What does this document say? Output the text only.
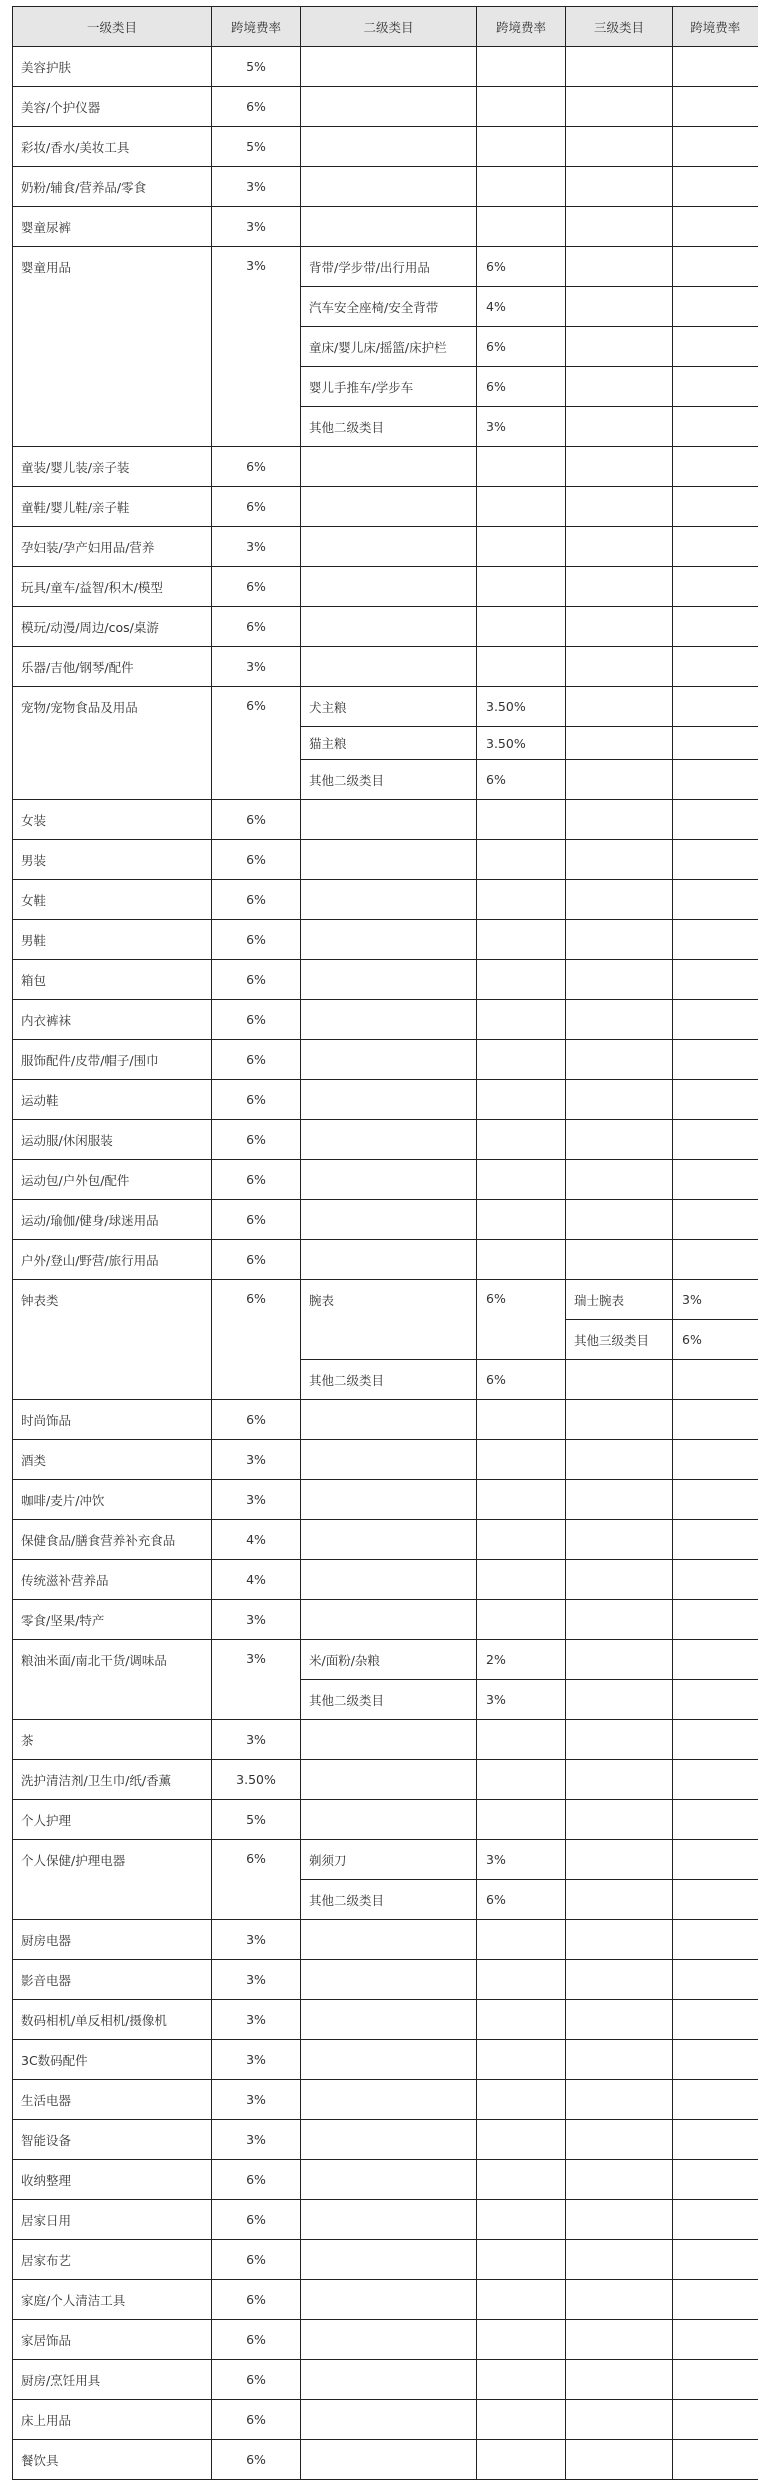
一级类目	跨境费率	二级类目	跨境费率	三级类目	跨境费率
美容护肤	5%				
美容/个护仪器	6%				
彩妆/香水/美妆工具	5%				
奶粉/辅食/营养品/零食	3%				
婴童尿裤	3%				
婴童用品	3%	背带/学步带/出行用品	6%		
		汽车安全座椅/安全背带	4%		
		童床/婴儿床/摇篮/床护栏	6%		
		婴儿手推车/学步车	6%		
		其他二级类目	3%		
童装/婴儿装/亲子装	6%				
童鞋/婴儿鞋/亲子鞋	6%				
孕妇装/孕产妇用品/营养	3%				
玩具/童车/益智/积木/模型	6%				
模玩/动漫/周边/cos/桌游	6%				
乐器/吉他/钢琴/配件	3%				
宠物/宠物食品及用品	6%	犬主粮	3.50%		
		猫主粮	3.50%		
		其他二级类目	6%		
女装	6%				
男装	6%				
女鞋	6%				
男鞋	6%				
箱包	6%				
内衣裤袜	6%				
服饰配件/皮带/帽子/围巾	6%				
运动鞋	6%				
运动服/休闲服装	6%				
运动包/户外包/配件	6%				
运动/瑜伽/健身/球迷用品	6%				
户外/登山/野营/旅行用品	6%				
钟表类	6%	腕表	6%	瑞士腕表	3%
				其他三级类目	6%
		其他二级类目	6%		
时尚饰品	6%				
酒类	3%				
咖啡/麦片/冲饮	3%				
保健食品/膳食营养补充食品	4%				
传统滋补营养品	4%				
零食/坚果/特产	3%				
粮油米面/南北干货/调味品	3%	米/面粉/杂粮	2%		
		其他二级类目	3%		
茶	3%				
洗护清洁剂/卫生巾/纸/香薰	3.50%				
个人护理	5%				
个人保健/护理电器	6%	剃须刀	3%		
		其他二级类目	6%		
厨房电器	3%				
影音电器	3%				
数码相机/单反相机/摄像机	3%				
3C数码配件	3%				
生活电器	3%				
智能设备	3%				
收纳整理	6%				
居家日用	6%				
居家布艺	6%				
家庭/个人清洁工具	6%				
家居饰品	6%				
厨房/烹饪用具	6%				
床上用品	6%				
餐饮具	6%				
